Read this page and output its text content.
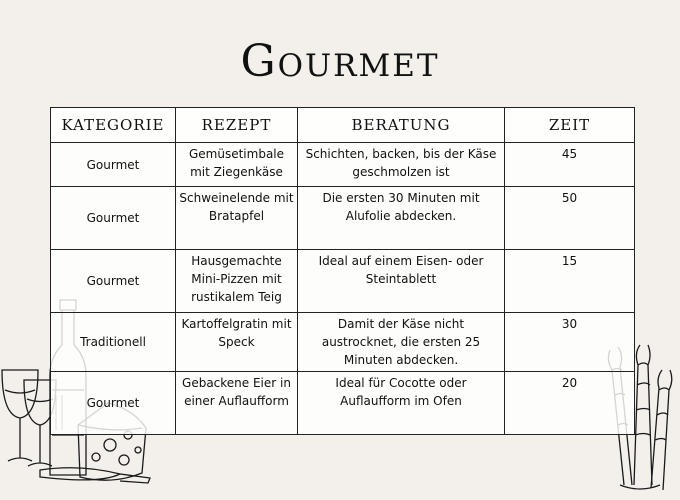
Gourmet
KATEGORIE	REZEPT	BERATUNG	ZEIT
Gourmet	Gemüsetimbale mit Ziegenkäse	Schichten, backen, bis der Käse geschmolzen ist	45
Gourmet	Schweinelende mit Bratapfel	Die ersten 30 Minuten mit Alufolie abdecken.	50
Gourmet	Hausgemachte Mini-Pizzen mit rustikalem Teig	Ideal auf einem Eisen- oder Steintablett	15
Traditionell	Kartoffelgratin mit Speck	Damit der Käse nicht austrocknet, die ersten 25 Minuten abdecken.	30
Gourmet	Gebackene Eier in einer Auflaufform	Ideal für Cocotte oder Auflaufform im Ofen	20
